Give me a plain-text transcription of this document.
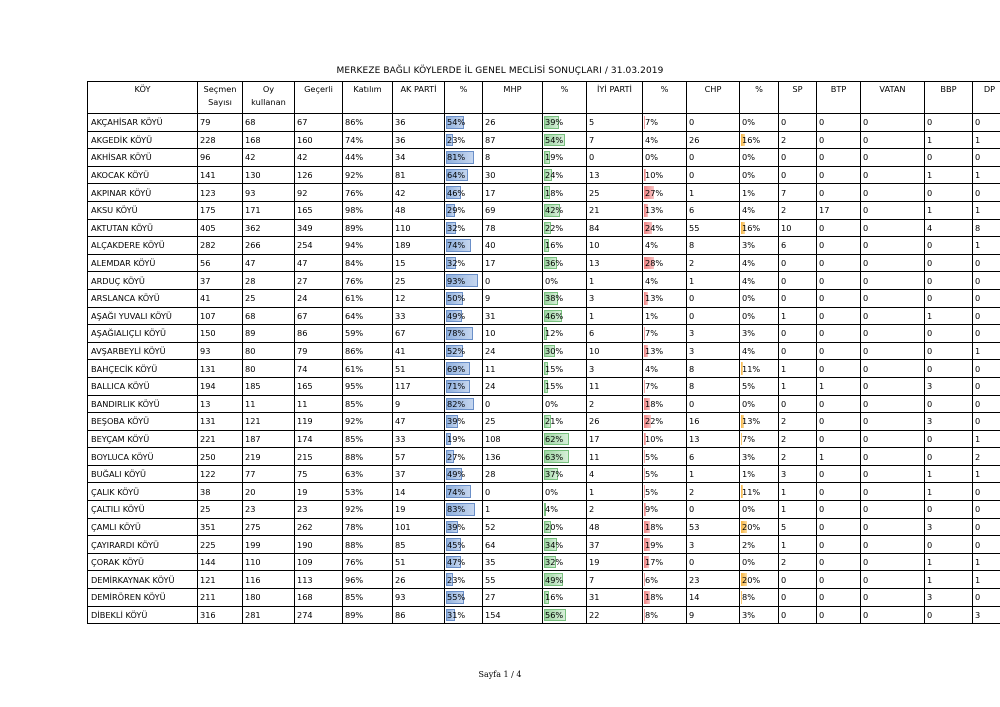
MERKEZE BAĞLI KÖYLERDE İL GENEL MECLİSİ SONUÇLARI / 31.03.2019
KÖY	Seçmen Sayısı	Oy kullanan	Geçerli	Katılım	AK PARTİ	%	MHP	%	İYİ PARTİ	%	CHP	%	SP	BTP	VATAN	BBP	DP
AKÇAHİSAR KÖYÜ	79	68	67	86%	36	54%	26	39%	5	7%	0	0%	0	0	0	0	0
AKGEDİK KÖYÜ	228	168	160	74%	36	23%	87	54%	7	4%	26	16%	2	0	0	1	1
AKHİSAR KÖYÜ	96	42	42	44%	34	81%	8	19%	0	0%	0	0%	0	0	0	0	0
AKOCAK KÖYÜ	141	130	126	92%	81	64%	30	24%	13	10%	0	0%	0	0	0	1	1
AKPINAR KÖYÜ	123	93	92	76%	42	46%	17	18%	25	27%	1	1%	7	0	0	0	0
AKSU KÖYÜ	175	171	165	98%	48	29%	69	42%	21	13%	6	4%	2	17	0	1	1
AKTUTAN KÖYÜ	405	362	349	89%	110	32%	78	22%	84	24%	55	16%	10	0	0	4	8
ALÇAKDERE KÖYÜ	282	266	254	94%	189	74%	40	16%	10	4%	8	3%	6	0	0	0	1
ALEMDAR KÖYÜ	56	47	47	84%	15	32%	17	36%	13	28%	2	4%	0	0	0	0	0
ARDUÇ KÖYÜ	37	28	27	76%	25	93%	0	0%	1	4%	1	4%	0	0	0	0	0
ARSLANCA KÖYÜ	41	25	24	61%	12	50%	9	38%	3	13%	0	0%	0	0	0	0	0
AŞAĞI YUVALI KÖYÜ	107	68	67	64%	33	49%	31	46%	1	1%	0	0%	1	0	0	1	0
AŞAĞIALIÇLI KÖYÜ	150	89	86	59%	67	78%	10	12%	6	7%	3	3%	0	0	0	0	0
AVŞARBEYLİ KÖYÜ	93	80	79	86%	41	52%	24	30%	10	13%	3	4%	0	0	0	0	1
BAHÇECİK KÖYÜ	131	80	74	61%	51	69%	11	15%	3	4%	8	11%	1	0	0	0	0
BALLICA KÖYÜ	194	185	165	95%	117	71%	24	15%	11	7%	8	5%	1	1	0	3	0
BANDIRLIK KÖYÜ	13	11	11	85%	9	82%	0	0%	2	18%	0	0%	0	0	0	0	0
BEŞOBA KÖYÜ	131	121	119	92%	47	39%	25	21%	26	22%	16	13%	2	0	0	3	0
BEYÇAM KÖYÜ	221	187	174	85%	33	19%	108	62%	17	10%	13	7%	2	0	0	0	1
BOYLUCA KÖYÜ	250	219	215	88%	57	27%	136	63%	11	5%	6	3%	2	1	0	0	2
BUĞALI KÖYÜ	122	77	75	63%	37	49%	28	37%	4	5%	1	1%	3	0	0	1	1
ÇALIK KÖYÜ	38	20	19	53%	14	74%	0	0%	1	5%	2	11%	1	0	0	1	0
ÇALTILI KÖYÜ	25	23	23	92%	19	83%	1	4%	2	9%	0	0%	1	0	0	0	0
ÇAMLI KÖYÜ	351	275	262	78%	101	39%	52	20%	48	18%	53	20%	5	0	0	3	0
ÇAYIRARDI KÖYÜ	225	199	190	88%	85	45%	64	34%	37	19%	3	2%	1	0	0	0	0
ÇORAK KÖYÜ	144	110	109	76%	51	47%	35	32%	19	17%	0	0%	2	0	0	1	1
DEMİRKAYNAK KÖYÜ	121	116	113	96%	26	23%	55	49%	7	6%	23	20%	0	0	0	1	1
DEMİRÖREN KÖYÜ	211	180	168	85%	93	55%	27	16%	31	18%	14	8%	0	0	0	3	0
DİBEKLİ KÖYÜ	316	281	274	89%	86	31%	154	56%	22	8%	9	3%	0	0	0	0	3
Sayfa 1 / 4
